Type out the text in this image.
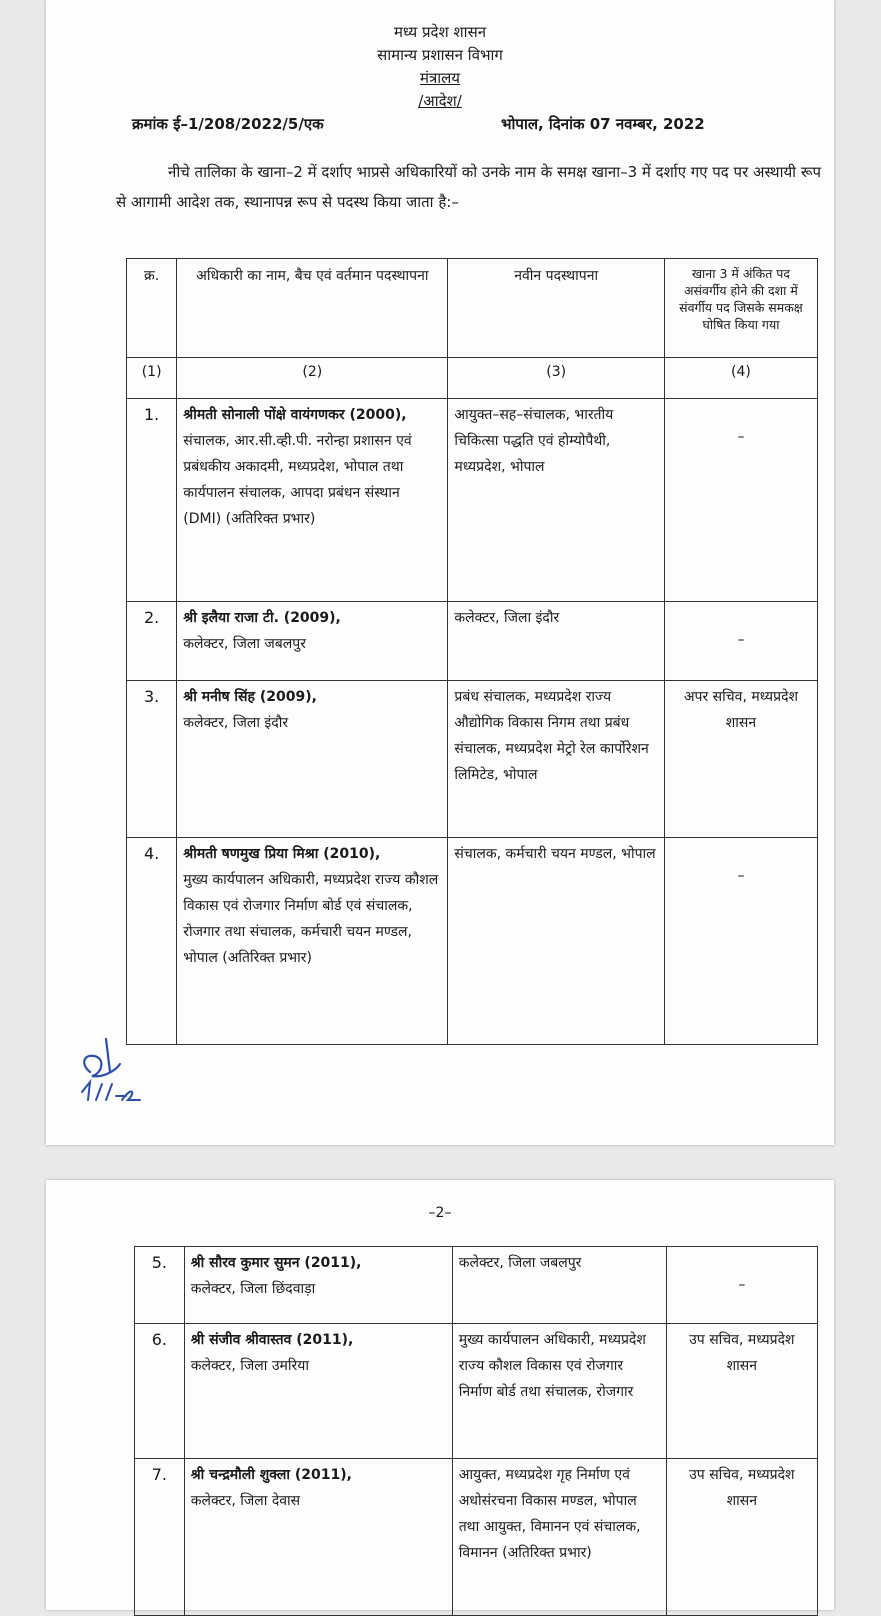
मध्य प्रदेश शासन
सामान्य प्रशासन विभाग
मंत्रालय
/आदेश/
क्रमांक ई–1/208/2022/5/एक	भोपाल, दिनांक 07 नवम्बर, 2022

नीचे तालिका के खाना–2 में दर्शाए भाप्रसे अधिकारियों को उनके नाम के समक्ष खाना–3 में दर्शाए गए पद पर अस्थायी रूप से आगामी आदेश तक, स्थानापन्न रूप से पदस्थ किया जाता है:–

क्र.	अधिकारी का नाम, बैच एवं वर्तमान पदस्थापना	नवीन पदस्थापना	खाना 3 में अंकित पद असंवर्गीय होने की दशा में संवर्गीय पद जिसके समकक्ष घोषित किया गया
(1)	(2)	(3)	(4)
1.	श्रीमती सोनाली पोंक्षे वायंगणकर (2000),
संचालक, आर.सी.व्ही.पी. नरोन्हा प्रशासन एवं प्रबंधकीय अकादमी, मध्यप्रदेश, भोपाल तथा कार्यपालन संचालक, आपदा प्रबंधन संस्थान (DMI) (अतिरिक्त प्रभार)	आयुक्त–सह–संचालक, भारतीय चिकित्सा पद्धति एवं होम्योपैथी, मध्यप्रदेश, भोपाल	–

2.	श्री इलैया राजा टी. (2009),
कलेक्टर, जिला जबलपुर	कलेक्टर, जिला इंदौर	–

3.	श्री मनीष सिंह (2009),
कलेक्टर, जिला इंदौर	प्रबंध संचालक, मध्यप्रदेश राज्य औद्योगिक विकास निगम तथा प्रबंध संचालक, मध्यप्रदेश मेट्रो रेल कार्पोरेशन लिमिटेड, भोपाल	अपर सचिव, मध्यप्रदेश शासन
4.	श्रीमती षणमुख प्रिया मिश्रा (2010),
मुख्य कार्यपालन अधिकारी, मध्यप्रदेश राज्य कौशल विकास एवं रोजगार निर्माण बोर्ड एवं संचालक, रोजगार तथा संचालक, कर्मचारी चयन मण्डल, भोपाल (अतिरिक्त प्रभार)	संचालक, कर्मचारी चयन मण्डल, भोपाल	–
–2–
5.	श्री सौरव कुमार सुमन (2011),
कलेक्टर, जिला छिंदवाड़ा	कलेक्टर, जिला जबलपुर	–

6.	श्री संजीव श्रीवास्तव (2011),
कलेक्टर, जिला उमरिया	मुख्य कार्यपालन अधिकारी, मध्यप्रदेश राज्य कौशल विकास एवं रोजगार निर्माण बोर्ड तथा संचालक, रोजगार	उप सचिव, मध्यप्रदेश शासन
7.	श्री चन्द्रमौली शुक्ला (2011),
कलेक्टर, जिला देवास	आयुक्त, मध्यप्रदेश गृह निर्माण एवं अधोसंरचना विकास मण्डल, भोपाल तथा आयुक्त, विमानन एवं संचालक, विमानन (अतिरिक्त प्रभार)	उप सचिव, मध्यप्रदेश शासन
